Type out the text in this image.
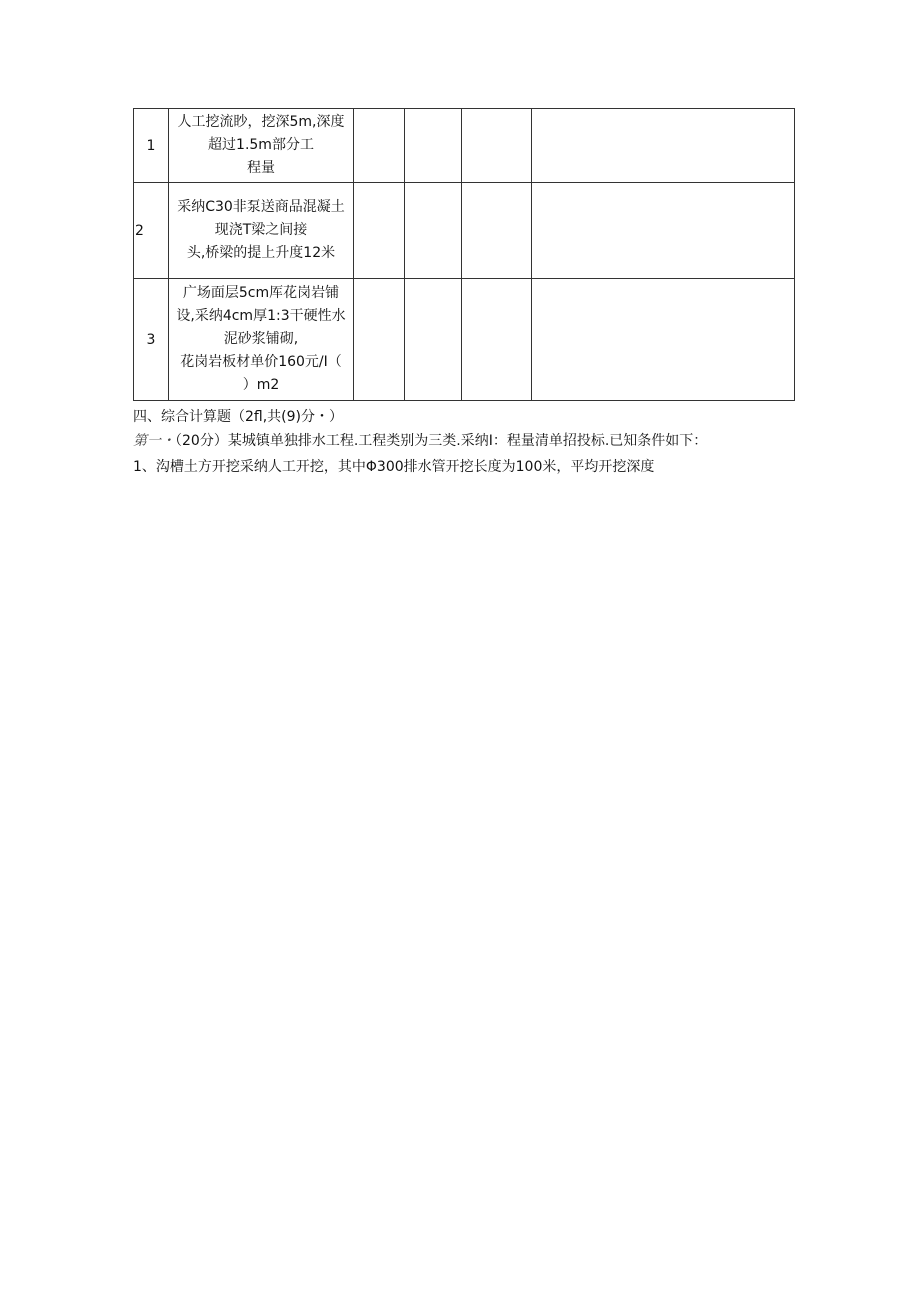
1	人工挖流眇，挖深5m,深度
超过1.5m部分工
程量				

2	采纳C30非泵送商品混凝土
现浇T梁之间接
头,桥梁的提上升度12米				

3	广场面层5cm厍花岗岩铺
设,采纳4cm厚1:3干硬性水
泥砂浆铺砌,
花岗岩板材单价160元/I（
）m2				

四、综合计算题（2fl,共(9)分・）
第一・（20分）某城镇单独排水工程.工程类别为三类.采纳I：程量清单招投标.已知条件如下：
1、沟槽土方开挖采纳人工开挖，其中Φ300排水管开挖长度为100米，平均开挖深度
